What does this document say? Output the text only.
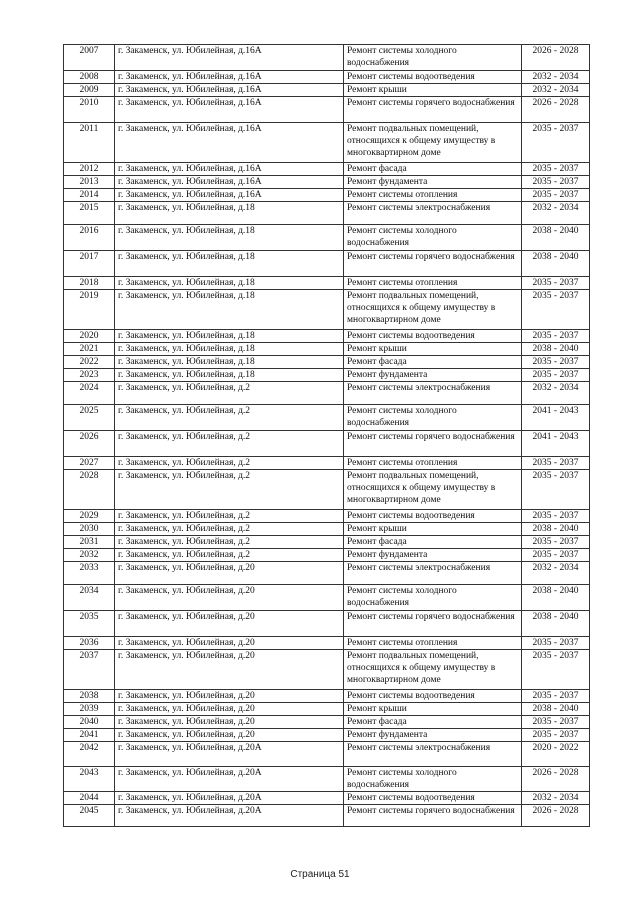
2007	г. Закаменск, ул. Юбилейная, д.16А	Ремонт системы холодного водоснабжения	2026 - 2028
2008	г. Закаменск, ул. Юбилейная, д.16А	Ремонт системы водоотведения	2032 - 2034
2009	г. Закаменск, ул. Юбилейная, д.16А	Ремонт крыши	2032 - 2034
2010	г. Закаменск, ул. Юбилейная, д.16А	Ремонт системы горячего водоснабжения	2026 - 2028
2011	г. Закаменск, ул. Юбилейная, д.16А	Ремонт подвальных помещений, относящихся к общему имуществу в многоквартирном доме	2035 - 2037
2012	г. Закаменск, ул. Юбилейная, д.16А	Ремонт фасада	2035 - 2037
2013	г. Закаменск, ул. Юбилейная, д.16А	Ремонт фундамента	2035 - 2037
2014	г. Закаменск, ул. Юбилейная, д.16А	Ремонт системы отопления	2035 - 2037
2015	г. Закаменск, ул. Юбилейная, д.18	Ремонт системы электроснабжения	2032 - 2034
2016	г. Закаменск, ул. Юбилейная, д.18	Ремонт системы холодного водоснабжения	2038 - 2040
2017	г. Закаменск, ул. Юбилейная, д.18	Ремонт системы горячего водоснабжения	2038 - 2040
2018	г. Закаменск, ул. Юбилейная, д.18	Ремонт системы отопления	2035 - 2037
2019	г. Закаменск, ул. Юбилейная, д.18	Ремонт подвальных помещений, относящихся к общему имуществу в многоквартирном доме	2035 - 2037
2020	г. Закаменск, ул. Юбилейная, д.18	Ремонт системы водоотведения	2035 - 2037
2021	г. Закаменск, ул. Юбилейная, д.18	Ремонт крыши	2038 - 2040
2022	г. Закаменск, ул. Юбилейная, д.18	Ремонт фасада	2035 - 2037
2023	г. Закаменск, ул. Юбилейная, д.18	Ремонт фундамента	2035 - 2037
2024	г. Закаменск, ул. Юбилейная, д.2	Ремонт системы электроснабжения	2032 - 2034
2025	г. Закаменск, ул. Юбилейная, д.2	Ремонт системы холодного водоснабжения	2041 - 2043
2026	г. Закаменск, ул. Юбилейная, д.2	Ремонт системы горячего водоснабжения	2041 - 2043
2027	г. Закаменск, ул. Юбилейная, д.2	Ремонт системы отопления	2035 - 2037
2028	г. Закаменск, ул. Юбилейная, д.2	Ремонт подвальных помещений, относящихся к общему имуществу в многоквартирном доме	2035 - 2037
2029	г. Закаменск, ул. Юбилейная, д.2	Ремонт системы водоотведения	2035 - 2037
2030	г. Закаменск, ул. Юбилейная, д.2	Ремонт крыши	2038 - 2040
2031	г. Закаменск, ул. Юбилейная, д.2	Ремонт фасада	2035 - 2037
2032	г. Закаменск, ул. Юбилейная, д.2	Ремонт фундамента	2035 - 2037
2033	г. Закаменск, ул. Юбилейная, д.20	Ремонт системы электроснабжения	2032 - 2034
2034	г. Закаменск, ул. Юбилейная, д.20	Ремонт системы холодного водоснабжения	2038 - 2040
2035	г. Закаменск, ул. Юбилейная, д.20	Ремонт системы горячего водоснабжения	2038 - 2040
2036	г. Закаменск, ул. Юбилейная, д.20	Ремонт системы отопления	2035 - 2037
2037	г. Закаменск, ул. Юбилейная, д.20	Ремонт подвальных помещений, относящихся к общему имуществу в многоквартирном доме	2035 - 2037
2038	г. Закаменск, ул. Юбилейная, д.20	Ремонт системы водоотведения	2035 - 2037
2039	г. Закаменск, ул. Юбилейная, д.20	Ремонт крыши	2038 - 2040
2040	г. Закаменск, ул. Юбилейная, д.20	Ремонт фасада	2035 - 2037
2041	г. Закаменск, ул. Юбилейная, д.20	Ремонт фундамента	2035 - 2037
2042	г. Закаменск, ул. Юбилейная, д.20А	Ремонт системы электроснабжения	2020 - 2022
2043	г. Закаменск, ул. Юбилейная, д.20А	Ремонт системы холодного водоснабжения	2026 - 2028
2044	г. Закаменск, ул. Юбилейная, д.20А	Ремонт системы водоотведения	2032 - 2034
2045	г. Закаменск, ул. Юбилейная, д.20А	Ремонт системы горячего водоснабжения	2026 - 2028
Страница 51
